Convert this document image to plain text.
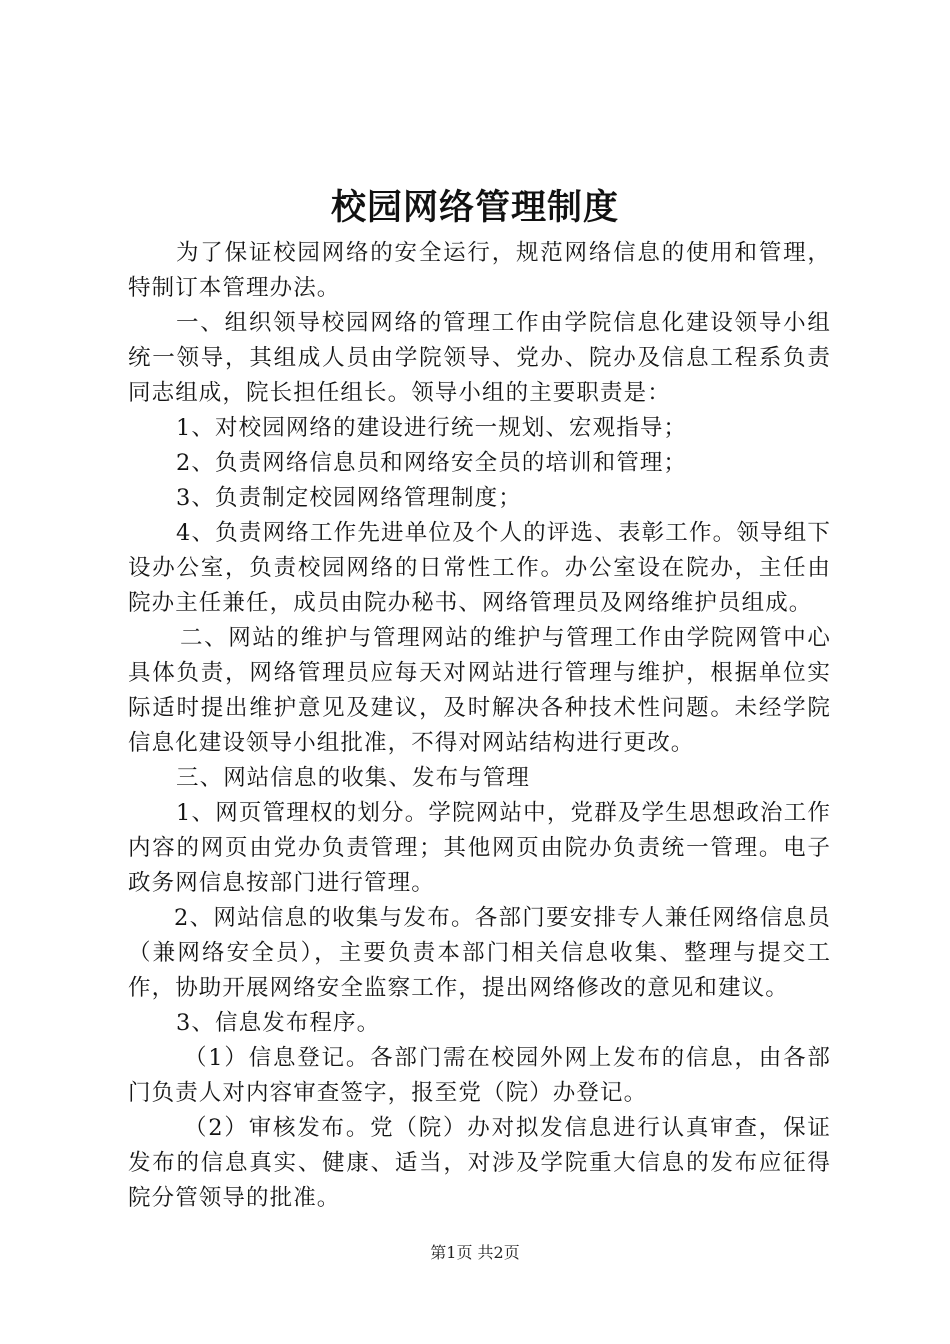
校园网络管理制度

为了保证校园网络的安全运行，规范网络信息的使用和管理，特制订本管理办法。

一、组织领导校园网络的管理工作由学院信息化建设领导小组统一领导，其组成人员由学院领导、党办、院办及信息工程系负责同志组成，院长担任组长。领导小组的主要职责是：

1、对校园网络的建设进行统一规划、宏观指导；

2、负责网络信息员和网络安全员的培训和管理；

3、负责制定校园网络管理制度；

4、负责网络工作先进单位及个人的评选、表彰工作。领导组下设办公室，负责校园网络的日常性工作。办公室设在院办，主任由院办主任兼任，成员由院办秘书、网络管理员及网络维护员组成。

二、网站的维护与管理网站的维护与管理工作由学院网管中心具体负责，网络管理员应每天对网站进行管理与维护，根据单位实际适时提出维护意见及建议，及时解决各种技术性问题。未经学院信息化建设领导小组批准，不得对网站结构进行更改。

三、网站信息的收集、发布与管理

1、网页管理权的划分。学院网站中，党群及学生思想政治工作内容的网页由党办负责管理；其他网页由院办负责统一管理。电子政务网信息按部门进行管理。

2、网站信息的收集与发布。各部门要安排专人兼任网络信息员（兼网络安全员），主要负责本部门相关信息收集、整理与提交工作，协助开展网络安全监察工作，提出网络修改的意见和建议。

3、信息发布程序。

（1）信息登记。各部门需在校园外网上发布的信息，由各部门负责人对内容审查签字，报至党（院）办登记。

（2）审核发布。党（院）办对拟发信息进行认真审查，保证发布的信息真实、健康、适当，对涉及学院重大信息的发布应征得院分管领导的批准。

第1页 共2页
